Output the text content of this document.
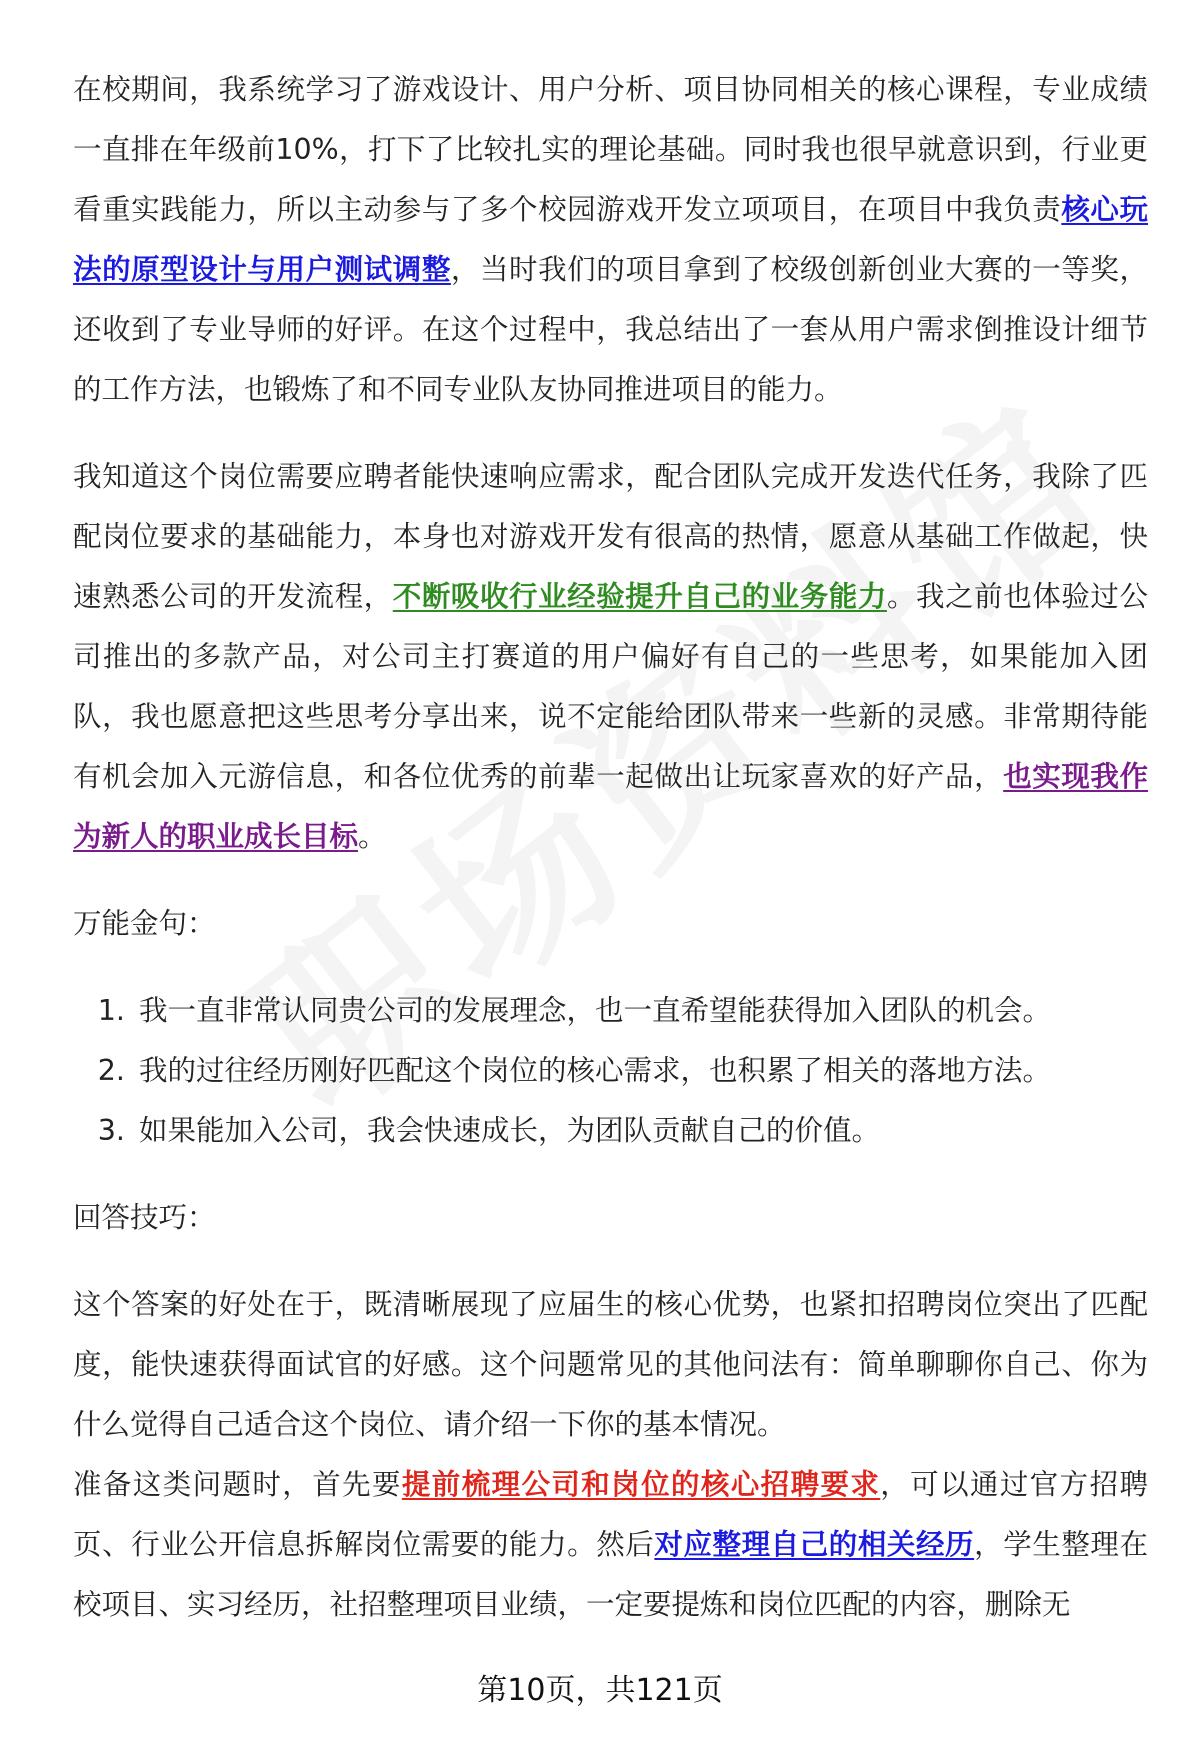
在校期间，我系统学习了游戏设计、用户分析、项目协同相关的核心课程，专业成绩一直排在年级前10%，打下了比较扎实的理论基础。同时我也很早就意识到，行业更看重实践能力，所以主动参与了多个校园游戏开发立项项目，在项目中我负责核心玩法的原型设计与用户测试调整，当时我们的项目拿到了校级创新创业大赛的一等奖，还收到了专业导师的好评。在这个过程中，我总结出了一套从用户需求倒推设计细节的工作方法，也锻炼了和不同专业队友协同推进项目的能力。

我知道这个岗位需要应聘者能快速响应需求，配合团队完成开发迭代任务，我除了匹配岗位要求的基础能力，本身也对游戏开发有很高的热情，愿意从基础工作做起，快速熟悉公司的开发流程，不断吸收行业经验提升自己的业务能力。我之前也体验过公司推出的多款产品，对公司主打赛道的用户偏好有自己的一些思考，如果能加入团队，我也愿意把这些思考分享出来，说不定能给团队带来一些新的灵感。非常期待能有机会加入元游信息，和各位优秀的前辈一起做出让玩家喜欢的好产品，也实现我作为新人的职业成长目标。

万能金句：

1. 我一直非常认同贵公司的发展理念，也一直希望能获得加入团队的机会。
2. 我的过往经历刚好匹配这个岗位的核心需求，也积累了相关的落地方法。
3. 如果能加入公司，我会快速成长，为团队贡献自己的价值。

回答技巧：

这个答案的好处在于，既清晰展现了应届生的核心优势，也紧扣招聘岗位突出了匹配度，能快速获得面试官的好感。这个问题常见的其他问法有：简单聊聊你自己、你为什么觉得自己适合这个岗位、请介绍一下你的基本情况。

准备这类问题时，首先要提前梳理公司和岗位的核心招聘要求，可以通过官方招聘页、行业公开信息拆解岗位需要的能力。然后对应整理自己的相关经历，学生整理在校项目、实习经历，社招整理项目业绩，一定要提炼和岗位匹配的内容，删除无

第10页，共121页
